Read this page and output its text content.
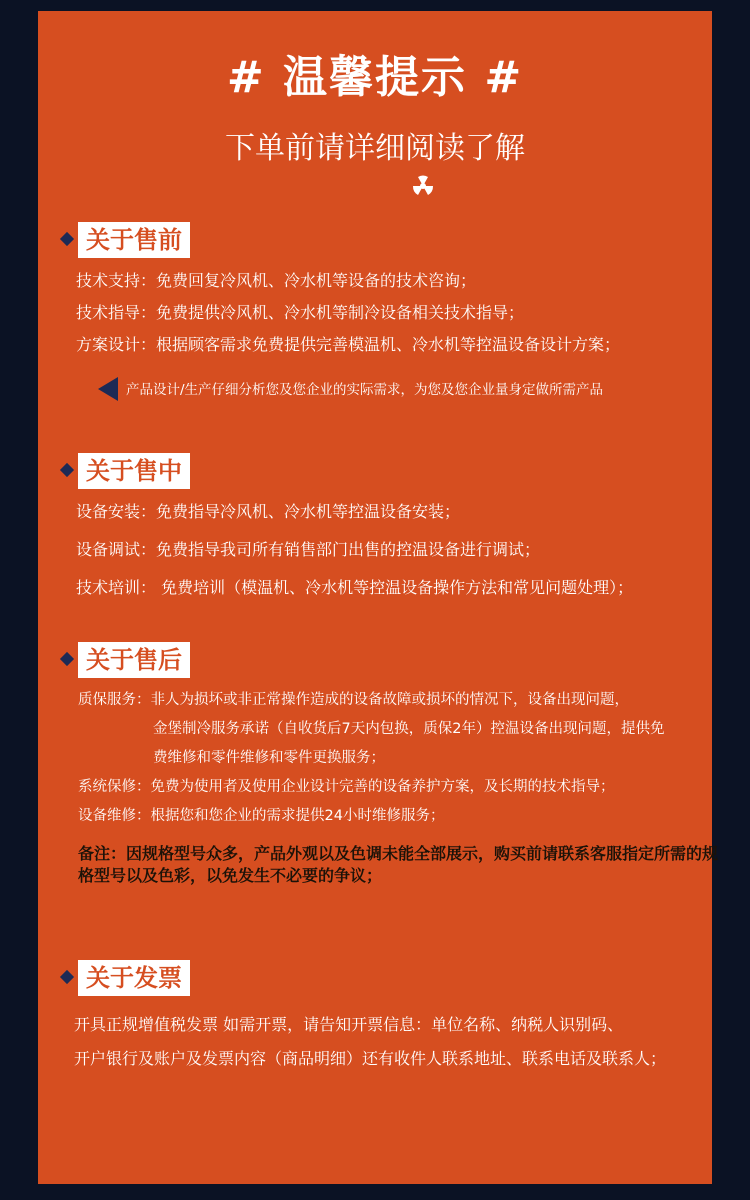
# 温馨提示 #
下单前请详细阅读了解
关于售前
技术支持：免费回复冷风机、冷水机等设备的技术咨询；
技术指导：免费提供冷风机、冷水机等制冷设备相关技术指导；
方案设计：根据顾客需求免费提供完善模温机、冷水机等控温设备设计方案；
产品设计/生产仔细分析您及您企业的实际需求，为您及您企业量身定做所需产品
关于售中
设备安装：免费指导冷风机、冷水机等控温设备安装；
设备调试：免费指导我司所有销售部门出售的控温设备进行调试；
技术培训： 免费培训（模温机、冷水机等控温设备操作方法和常见问题处理）；
关于售后
质保服务：非人为损坏或非正常操作造成的设备故障或损坏的情况下，设备出现问题，
金堡制冷服务承诺（自收货后7天内包换，质保2年）控温设备出现问题，提供免
费维修和零件维修和零件更换服务；
系统保修：免费为使用者及使用企业设计完善的设备养护方案，及长期的技术指导；
设备维修：根据您和您企业的需求提供24小时维修服务；
备注：因规格型号众多，产品外观以及色调未能全部展示，购买前请联系客服指定所需的规格型号以及色彩，以免发生不必要的争议；
关于发票
开具正规增值税发票 如需开票，请告知开票信息：单位名称、纳税人识别码、
开户银行及账户及发票内容（商品明细）还有收件人联系地址、联系电话及联系人；
